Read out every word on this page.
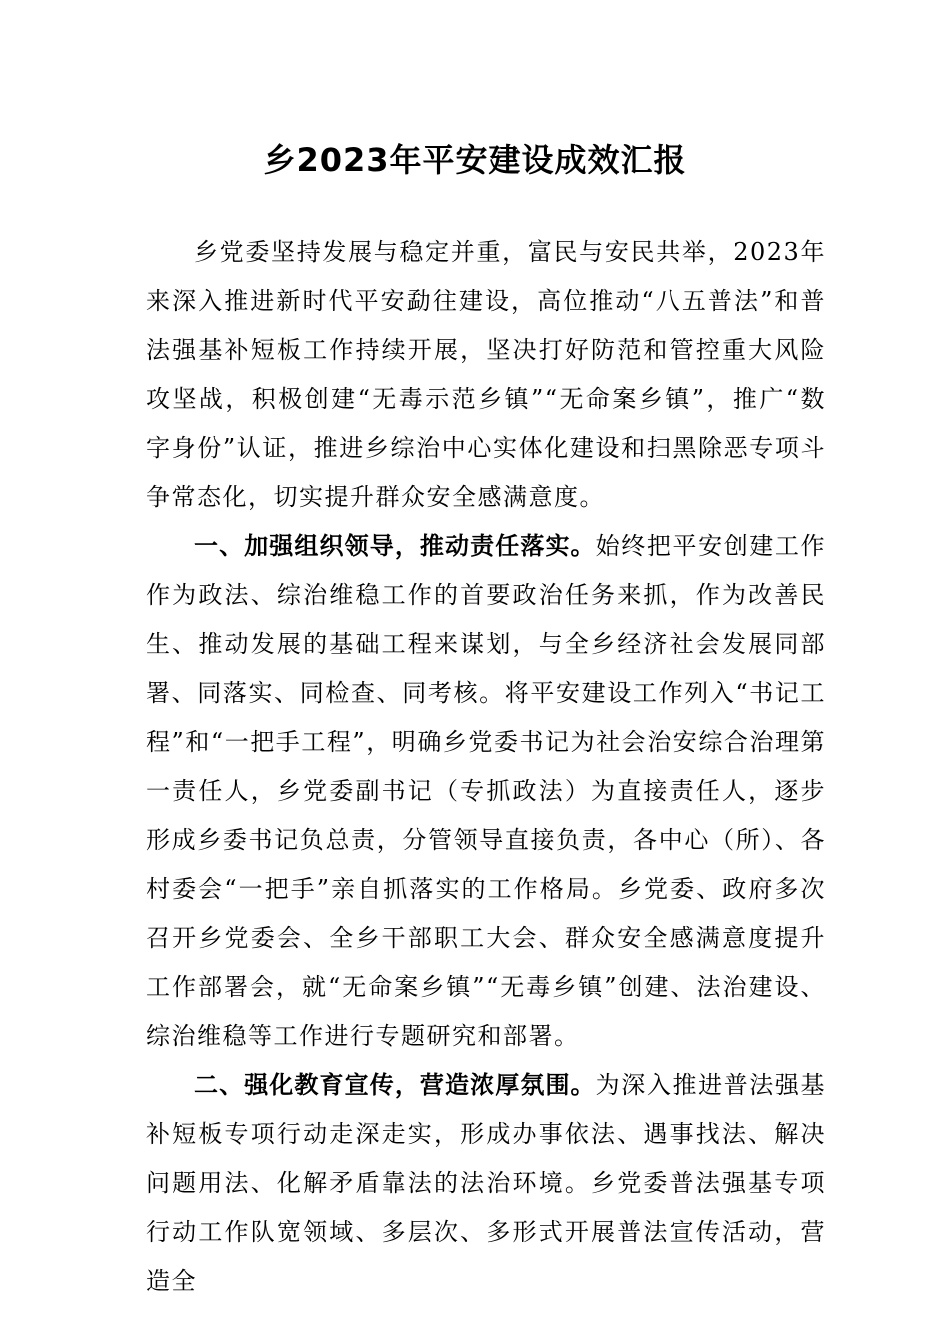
乡2023年平安建设成效汇报

乡党委坚持发展与稳定并重，富民与安民共举，2023年来深入推进新时代平安勐往建设，高位推动“八五普法”和普法强基补短板工作持续开展，坚决打好防范和管控重大风险攻坚战，积极创建“无毒示范乡镇”“无命案乡镇”，推广“数字身份”认证，推进乡综治中心实体化建设和扫黑除恶专项斗争常态化，切实提升群众安全感满意度。

一、加强组织领导，推动责任落实。始终把平安创建工作作为政法、综治维稳工作的首要政治任务来抓，作为改善民生、推动发展的基础工程来谋划，与全乡经济社会发展同部署、同落实、同检查、同考核。将平安建设工作列入“书记工程”和“一把手工程”，明确乡党委书记为社会治安综合治理第一责任人，乡党委副书记（专抓政法）为直接责任人，逐步形成乡委书记负总责，分管领导直接负责，各中心（所）、各村委会“一把手”亲自抓落实的工作格局。乡党委、政府多次召开乡党委会、全乡干部职工大会、群众安全感满意度提升工作部署会，就“无命案乡镇”“无毒乡镇”创建、法治建设、综治维稳等工作进行专题研究和部署。

二、强化教育宣传，营造浓厚氛围。为深入推进普法强基补短板专项行动走深走实，形成办事依法、遇事找法、解决问题用法、化解矛盾靠法的法治环境。乡党委普法强基专项行动工作队宽领域、多层次、多形式开展普法宣传活动，营造全
